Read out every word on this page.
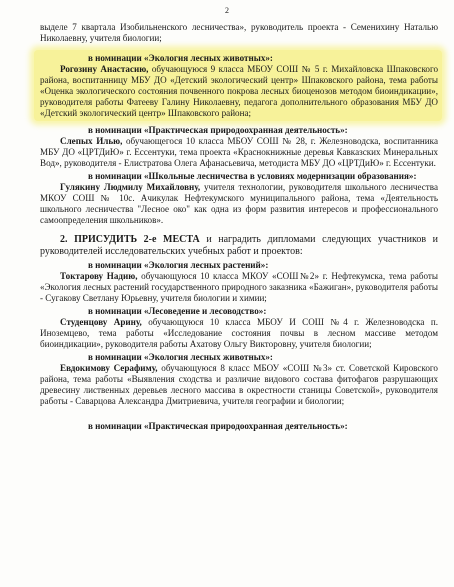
2

выделе 7 квартала Изобильненского лесничества», руководитель проекта - Семенихину Наталью Николаевну, учителя биологии;

в номинации «Экология лесных животных»:

Рогозину Анастасию, обучающуюся 9 класса МБОУ СОШ № 5 г. Михайловска Шпаковского района, воспитанницу МБУ ДО «Детский экологический центр» Шпаковского района, тема работы «Оценка экологического состояния почвенного покрова лесных биоценозов методом биоиндикации», руководителя работы Фатееву Галину Николаевну, педагога дополнительного образования МБУ ДО «Детский экологический центр» Шпаковского района;

в номинации «Практическая природоохранная деятельность»:

Слепых Илью, обучающегося 10 класса МБОУ СОШ № 28, г. Железноводска, воспитанника МБУ ДО «ЦРТДиЮ» г. Ессентуки, тема проекта «Краснокнижные деревья Кавказских Минеральных Вод», руководителя - Елистратова Олега Афанасьевича, методиста МБУ ДО «ЦРТДиЮ» г. Ессентуки.

в номинации «Школьные лесничества в условиях модернизации образования»:

Гулякину Людмилу Михайловну, учителя технологии, руководителя школьного лесничества МКОУ СОШ № 10с. Ачикулак Нефтекумского муниципального района, тема «Деятельность школьного лесничества "Лесное око" как одна из форм развития интересов и профессионального самоопределения школьников».

2. ПРИСУДИТЬ 2-е МЕСТА и наградить дипломами следующих участников и руководителей исследовательских учебных работ и проектов:

в номинации «Экология лесных растений»:

Токтарову Надию, обучающуюся 10 класса МКОУ «СОШ№2» г. Нефтекумска, тема работы «Экология лесных растений государственного природного заказника «Бажиган», руководителя работы - Сугакову Светлану Юрьевну, учителя биологии и химии;

в номинации «Лесоведение и лесоводство»:

Студенцову Арину, обучающуюся 10 класса МБОУ И СОШ №4 г. Железноводска п. Иноземцево, тема работы «Исследование состояния почвы в лесном массиве методом биоиндикации», руководителя работы Ахатову Ольгу Викторовну, учителя биологии;

в номинации «Экология лесных животных»:

Евдокимову Серафиму, обучающуюся 8 класс МБОУ «СОШ №3» ст. Советской Кировского района, тема работы «Выявления сходства и различие видового состава фитофагов разрушающих древесину лиственных деревьев лесного массива в окрестности станицы Советской», руководителя работы - Саварцова Александра Дмитриевича, учителя географии и биологии;

в номинации «Практическая природоохранная деятельность»:
